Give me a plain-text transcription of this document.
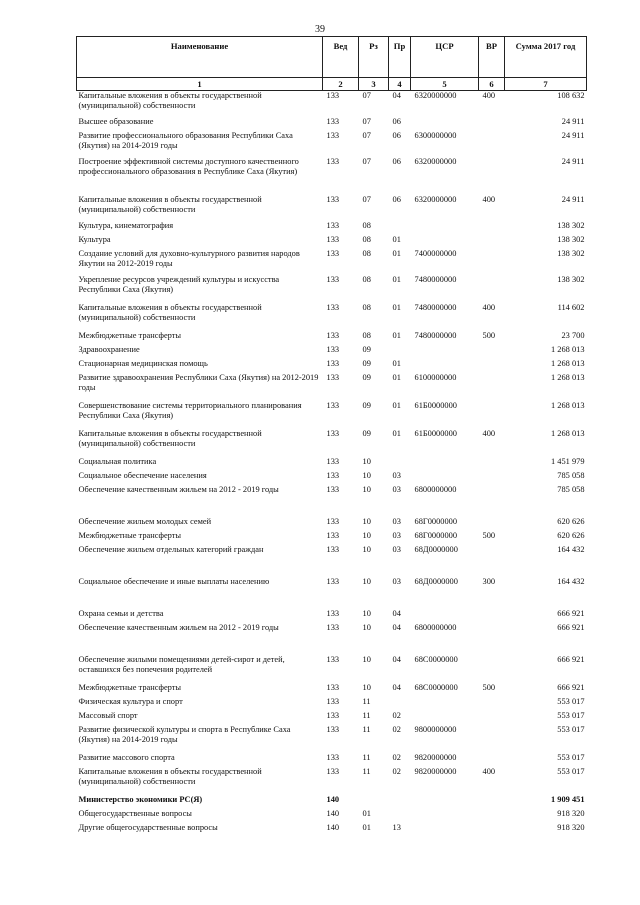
39
Наименование	Вед	Рз	Пр	ЦСР	ВР	Сумма 2017 год
1	2	3	4	5	6	7
Капитальные вложения в объекты государственной (муниципальной) собственности	133	07	04	6320000000	400	108 632
Высшее образование	133	07	06			24 911
Развитие профессионального образования Республики Саха (Якутия) на 2014-2019 годы	133	07	06	6300000000		24 911
Построение эффективной системы доступного качественного профессионального образования в Республике Саха (Якутия)	133	07	06	6320000000		24 911
Капитальные вложения в объекты государственной (муниципальной) собственности	133	07	06	6320000000	400	24 911
Культура, кинематография	133	08				138 302
Культура	133	08	01			138 302
Создание условий для духовно-культурного развития народов Якутии на 2012-2019 годы	133	08	01	7400000000		138 302
Укрепление ресурсов учреждений культуры и искусства Республики Саха (Якутия)	133	08	01	7480000000		138 302
Капитальные вложения в объекты государственной (муниципальной) собственности	133	08	01	7480000000	400	114 602
Межбюджетные трансферты	133	08	01	7480000000	500	23 700
Здравоохранение	133	09				1 268 013
Стационарная медицинская помощь	133	09	01			1 268 013
Развитие здравоохранения Республики Саха (Якутия) на 2012-2019 годы	133	09	01	6100000000		1 268 013
Совершенствование системы территориального планирования Республики Саха (Якутия)	133	09	01	61Б0000000		1 268 013
Капитальные вложения в объекты государственной (муниципальной) собственности	133	09	01	61Б0000000	400	1 268 013
Социальная политика	133	10				1 451 979
Социальное обеспечение населения	133	10	03			785 058
Обеспечение качественным жильем на 2012 - 2019 годы	133	10	03	6800000000		785 058
Обеспечение жильем молодых семей	133	10	03	68Г0000000		620 626
Межбюджетные трансферты	133	10	03	68Г0000000	500	620 626
Обеспечение жильем отдельных категорий граждан	133	10	03	68Д0000000		164 432
Социальное обеспечение и иные выплаты населению	133	10	03	68Д0000000	300	164 432
Охрана семьи и детства	133	10	04			666 921
Обеспечение качественным жильем на 2012 - 2019 годы	133	10	04	6800000000		666 921
Обеспечение жилыми помещениями детей-сирот и детей, оставшихся без попечения родителей	133	10	04	68С0000000		666 921
Межбюджетные трансферты	133	10	04	68С0000000	500	666 921
Физическая культура и спорт	133	11				553 017
Массовый спорт	133	11	02			553 017
Развитие физической культуры и спорта в Республике Саха (Якутия) на 2014-2019 годы	133	11	02	9800000000		553 017
Развитие массового спорта	133	11	02	9820000000		553 017
Капитальные вложения в объекты государственной (муниципальной) собственности	133	11	02	9820000000	400	553 017
Министерство экономики РС(Я)	140					1 909 451
Общегосударственные вопросы	140	01				918 320
Другие общегосударственные вопросы	140	01	13			918 320
